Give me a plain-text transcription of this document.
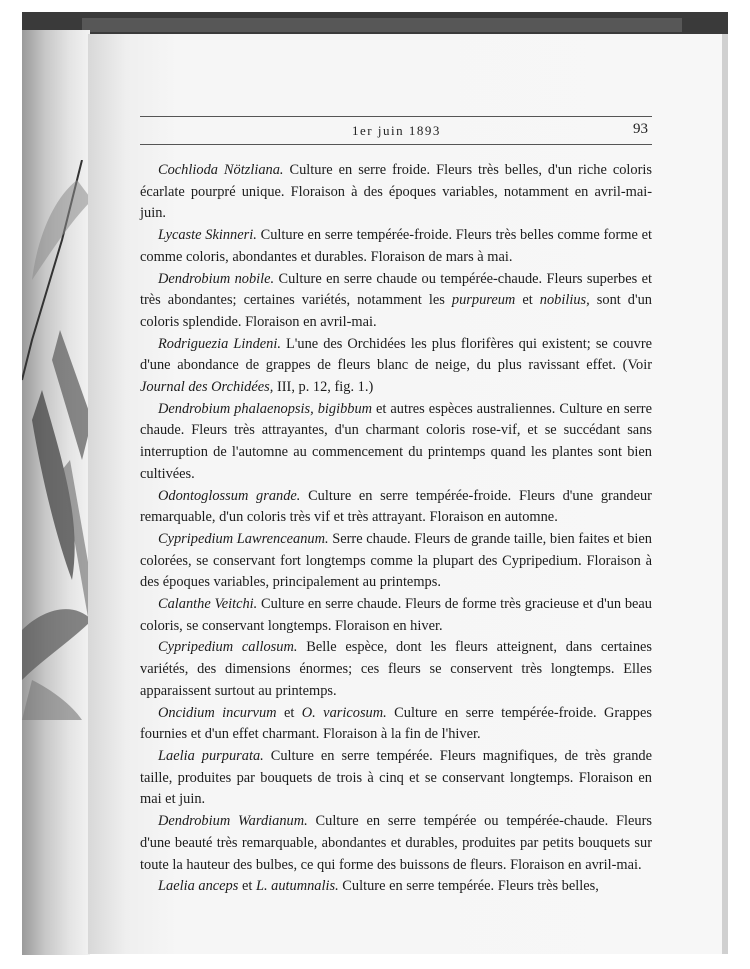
1er juin 1893	93

Cochlioda Nötzliana. Culture en serre froide. Fleurs très belles, d'un riche coloris écarlate pourpré unique. Floraison à des époques variables, notamment en avril-mai-juin.

Lycaste Skinneri. Culture en serre tempérée-froide. Fleurs très belles comme forme et comme coloris, abondantes et durables. Floraison de mars à mai.

Dendrobium nobile. Culture en serre chaude ou tempérée-chaude. Fleurs superbes et très abondantes; certaines variétés, notamment les purpureum et nobilius, sont d'un coloris splendide. Floraison en avril-mai.

Rodriguezia Lindeni. L'une des Orchidées les plus florifères qui existent; se couvre d'une abondance de grappes de fleurs blanc de neige, du plus ravissant effet. (Voir Journal des Orchidées, III, p. 12, fig. 1.)

Dendrobium phalaenopsis, bigibbum et autres espèces australiennes. Culture en serre chaude. Fleurs très attrayantes, d'un charmant coloris rose-vif, et se succédant sans interruption de l'automne au commencement du printemps quand les plantes sont bien cultivées.

Odontoglossum grande. Culture en serre tempérée-froide. Fleurs d'une grandeur remarquable, d'un coloris très vif et très attrayant. Floraison en automne.

Cypripedium Lawrenceanum. Serre chaude. Fleurs de grande taille, bien faites et bien colorées, se conservant fort longtemps comme la plupart des Cypripedium. Floraison à des époques variables, principalement au printemps.

Calanthe Veitchi. Culture en serre chaude. Fleurs de forme très gracieuse et d'un beau coloris, se conservant longtemps. Floraison en hiver.

Cypripedium callosum. Belle espèce, dont les fleurs atteignent, dans certaines variétés, des dimensions énormes; ces fleurs se conservent très longtemps. Elles apparaissent surtout au printemps.

Oncidium incurvum et O. varicosum. Culture en serre tempérée-froide. Grappes fournies et d'un effet charmant. Floraison à la fin de l'hiver.

Laelia purpurata. Culture en serre tempérée. Fleurs magnifiques, de très grande taille, produites par bouquets de trois à cinq et se conservant longtemps. Floraison en mai et juin.

Dendrobium Wardianum. Culture en serre tempérée ou tempérée-chaude. Fleurs d'une beauté très remarquable, abondantes et durables, produites par petits bouquets sur toute la hauteur des bulbes, ce qui forme des buissons de fleurs. Floraison en avril-mai.

Laelia anceps et L. autumnalis. Culture en serre tempérée. Fleurs très belles,
